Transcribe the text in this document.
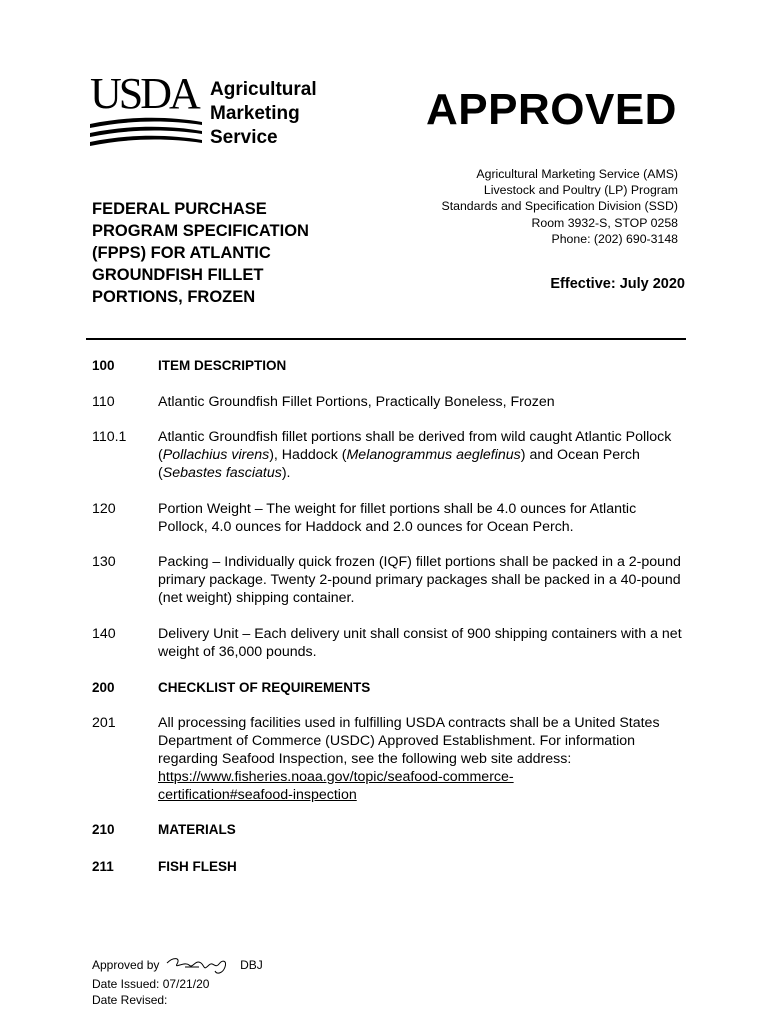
USDA Agricultural
Marketing
Service
APPROVED
Agricultural Marketing Service (AMS)
Livestock and Poultry (LP) Program
Standards and Specification Division (SSD)
Room 3932-S, STOP 0258
Phone: (202) 690-3148
FEDERAL PURCHASE
PROGRAM SPECIFICATION
(FPPS) FOR ATLANTIC
GROUNDFISH FILLET
PORTIONS, FROZEN
Effective: July 2020
100	ITEM DESCRIPTION
110	Atlantic Groundfish Fillet Portions, Practically Boneless, Frozen
110.1 Atlantic Groundfish fillet portions shall be derived from wild caught Atlantic Pollock (Pollachius virens), Haddock (Melanogrammus aeglefinus) and Ocean Perch (Sebastes fasciatus).
120	Portion Weight – The weight for fillet portions shall be 4.0 ounces for Atlantic Pollock, 4.0 ounces for Haddock and 2.0 ounces for Ocean Perch.
130	Packing – Individually quick frozen (IQF) fillet portions shall be packed in a 2-pound primary package. Twenty 2-pound primary packages shall be packed in a 40-pound (net weight) shipping container.
140	Delivery Unit – Each delivery unit shall consist of 900 shipping containers with a net weight of 36,000 pounds.
200	CHECKLIST OF REQUIREMENTS
201	All processing facilities used in fulfilling USDA contracts shall be a United States Department of Commerce (USDC) Approved Establishment. For information regarding Seafood Inspection, see the following web site address:
https://www.fisheries.noaa.gov/topic/seafood-commerce-
certification#seafood-inspection
210	MATERIALS
211	FISH FLESH
Approved by	DBJ
Date Issued: 07/21/20
Date Revised:
